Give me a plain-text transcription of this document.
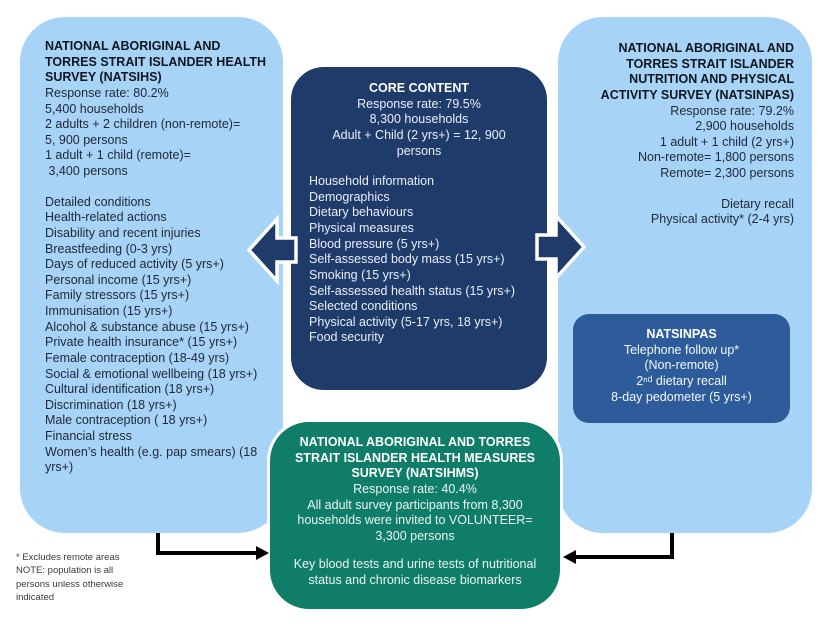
NATIONAL ABORIGINAL AND TORRES STRAIT ISLANDER HEALTH SURVEY (NATSIHS)
Response rate: 80.2%
5,400 households
2 adults + 2 children (non-remote)=
5, 900 persons
1 adult + 1 child (remote)=
3,400 persons
Detailed conditions
Health-related actions
Disability and recent injuries
Breastfeeding (0-3 yrs)
Days of reduced activity (5 yrs+)
Personal income (15 yrs+)
Family stressors (15 yrs+)
Immunisation (15 yrs+)
Alcohol & substance abuse (15 yrs+)
Private health insurance* (15 yrs+)
Female contraception (18-49 yrs)
Social & emotional wellbeing (18 yrs+)
Cultural identification (18 yrs+)
Discrimination (18 yrs+)
Male contraception ( 18 yrs+)
Financial stress
Women’s health (e.g. pap smears) (18 yrs+)
NATIONAL ABORIGINAL AND TORRES STRAIT ISLANDER NUTRITION AND PHYSICAL ACTIVITY SURVEY (NATSINPAS)
Response rate: 79.2%
2,900 households
1 adult + 1 child (2 yrs+)
Non-remote= 1,800 persons
Remote= 2,300 persons
Dietary recall
Physical activity* (2-4 yrs)
CORE CONTENT
Response rate: 79.5%
8,300 households
Adult + Child (2 yrs+) = 12, 900 persons
Household information
Demographics
Dietary behaviours
Physical measures
Blood pressure (5 yrs+)
Self-assessed body mass (15 yrs+)
Smoking (15 yrs+)
Self-assessed health status (15 yrs+)
Selected conditions
Physical activity (5-17 yrs, 18 yrs+)
Food security	NATSINPAS
Telephone follow up*
(Non-remote)
2ⁿᵈ dietary recall
8-day pedometer (5 yrs+)
NATIONAL ABORIGINAL AND TORRES STRAIT ISLANDER HEALTH MEASURES SURVEY (NATSIHMS)
Response rate: 40.4%
All adult survey participants from 8,300 households were invited to VOLUNTEER= 3,300 persons
Key blood tests and urine tests of nutritional status and chronic disease biomarkers
* Excludes remote areas
NOTE: population is all
persons unless otherwise
indicated
